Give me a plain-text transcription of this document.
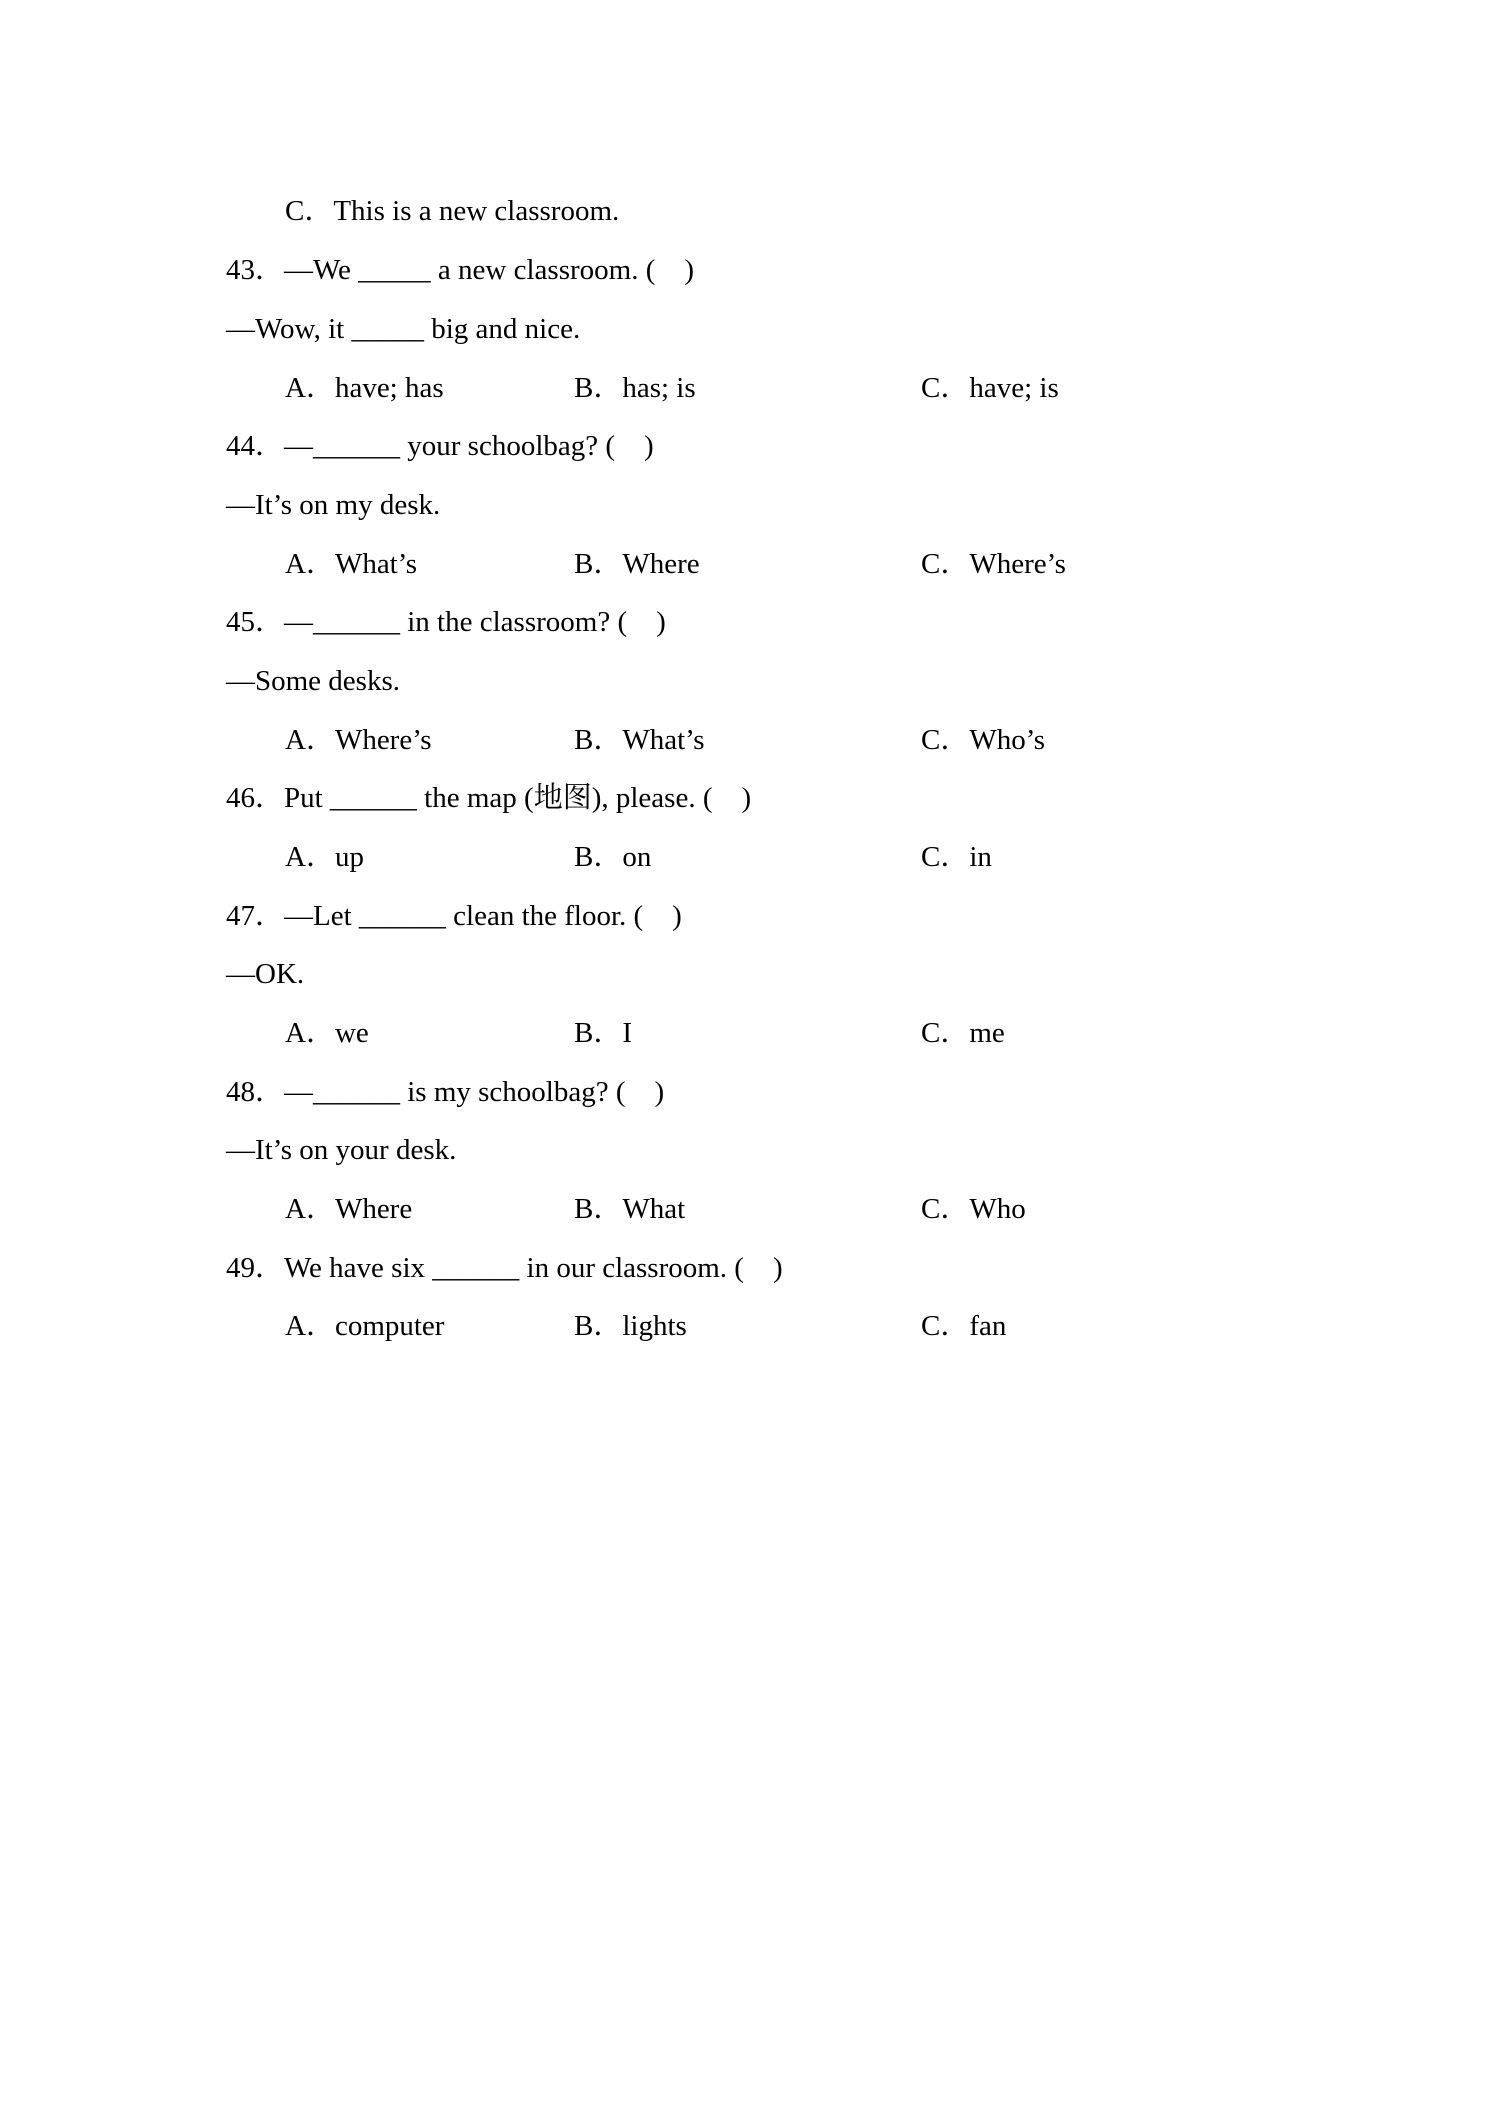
C．This is a new classroom.
43．—We _____ a new classroom. (　)
—Wow, it _____ big and nice.
A．have; has	B．has; is	C．have; is
44．—______ your schoolbag? (　)
—It’s on my desk.
A．What’s	B．Where	C．Where’s
45．—______ in the classroom? (　)
—Some desks.
A．Where’s	B．What’s	C．Who’s
46．Put ______ the map (地图), please. (　)
A．up	B．on	C．in
47．—Let ______ clean the floor. (　)
—OK.
A．we	B．I	C．me
48．—______ is my schoolbag? (　)
—It’s on your desk.
A．Where	B．What	C．Who
49．We have six ______ in our classroom. (　)
A．computer	B．lights	C．fan
